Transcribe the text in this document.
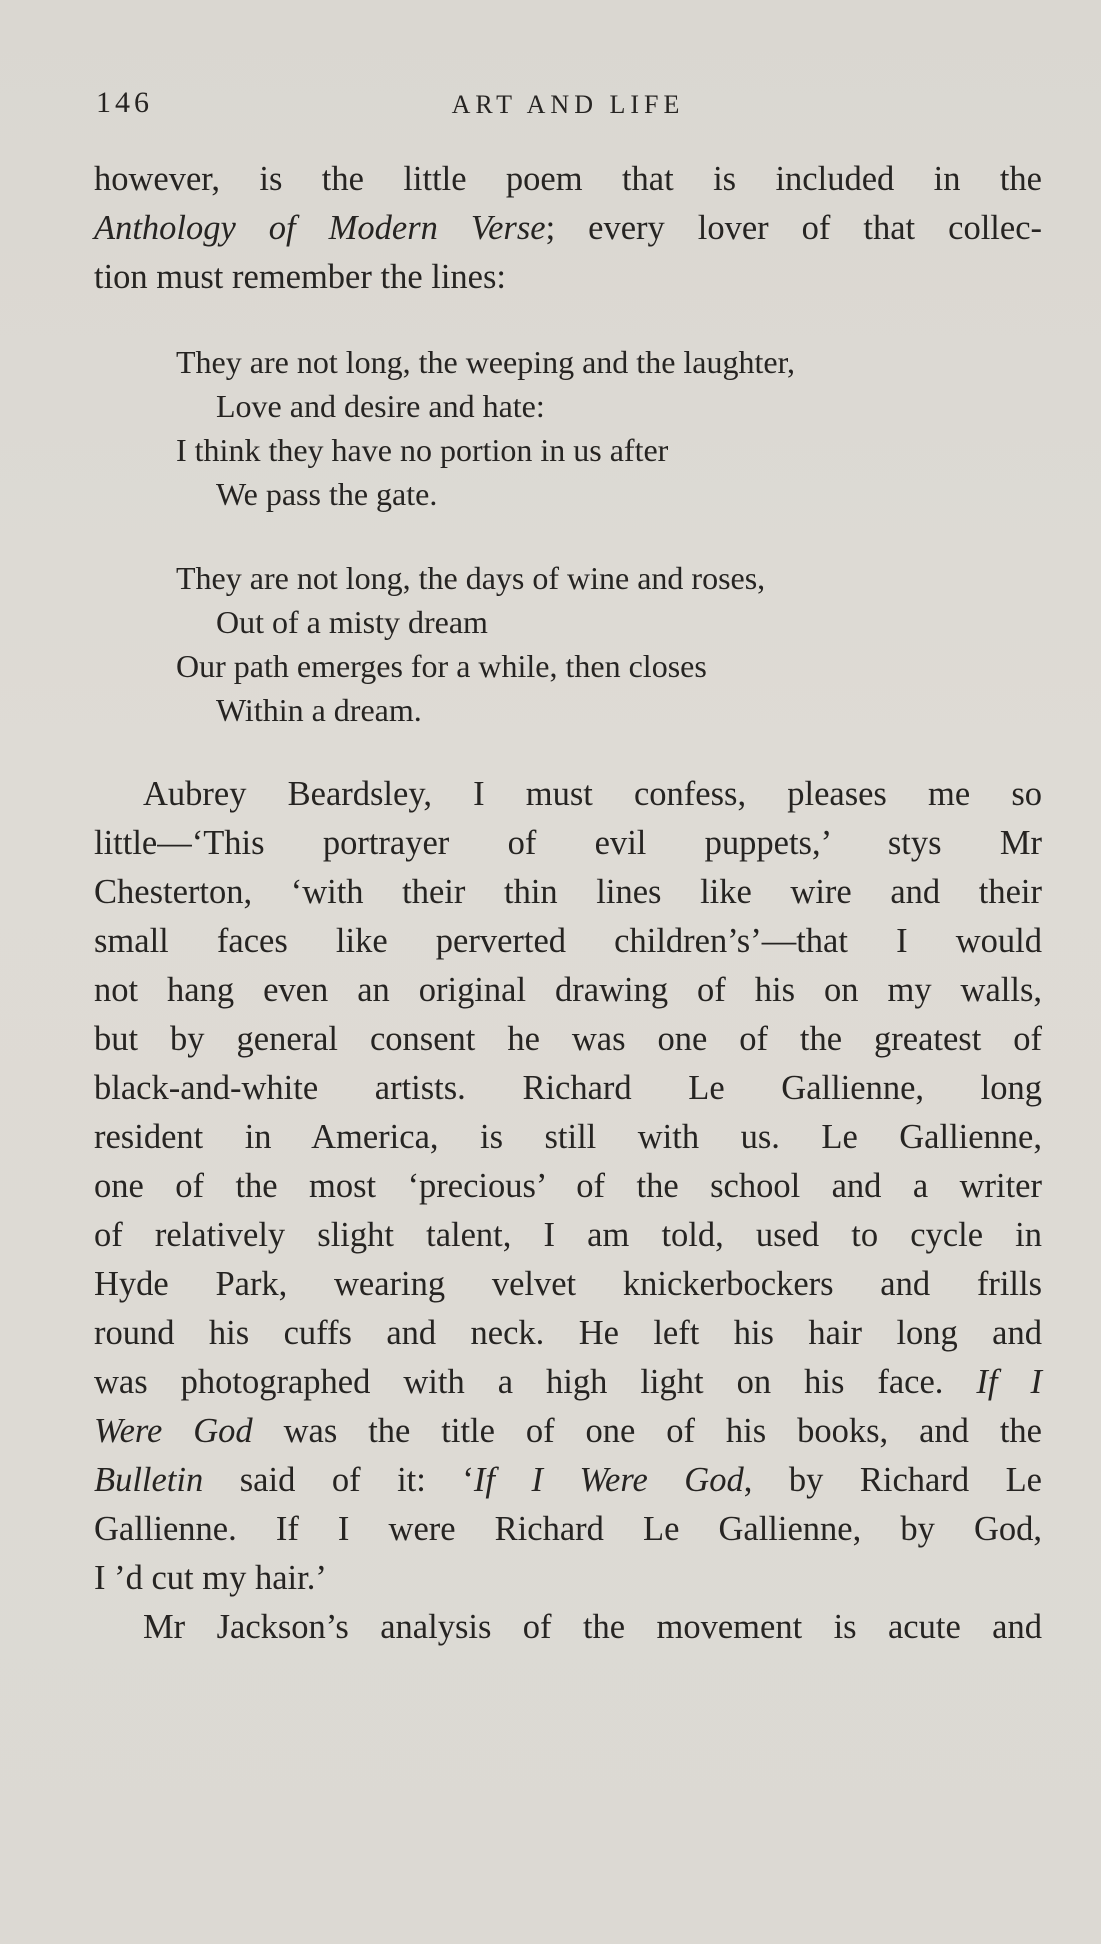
146	ART AND LIFE
however, is the little poem that is included in the
Anthology of Modern Verse; every lover of that collec-
tion must remember the lines:
They are not long, the weeping and the laughter,
Love and desire and hate:
I think they have no portion in us after
We pass the gate.
They are not long, the days of wine and roses,
Out of a misty dream
Our path emerges for a while, then closes
Within a dream.
Aubrey Beardsley, I must confess, pleases me so
little—‘This portrayer of evil puppets,’ stys Mr
Chesterton, ‘with their thin lines like wire and their
small faces like perverted children’s’—that I would
not hang even an original drawing of his on my walls,
but by general consent he was one of the greatest of
black-and-white artists. Richard Le Gallienne, long
resident in America, is still with us. Le Gallienne,
one of the most ‘precious’ of the school and a writer
of relatively slight talent, I am told, used to cycle in
Hyde Park, wearing velvet knickerbockers and frills
round his cuffs and neck. He left his hair long and
was photographed with a high light on his face. If I
Were God was the title of one of his books, and the
Bulletin said of it: ‘If I Were God, by Richard Le
Gallienne. If I were Richard Le Gallienne, by God,
I ’d cut my hair.’
Mr Jackson’s analysis of the movement is acute and
